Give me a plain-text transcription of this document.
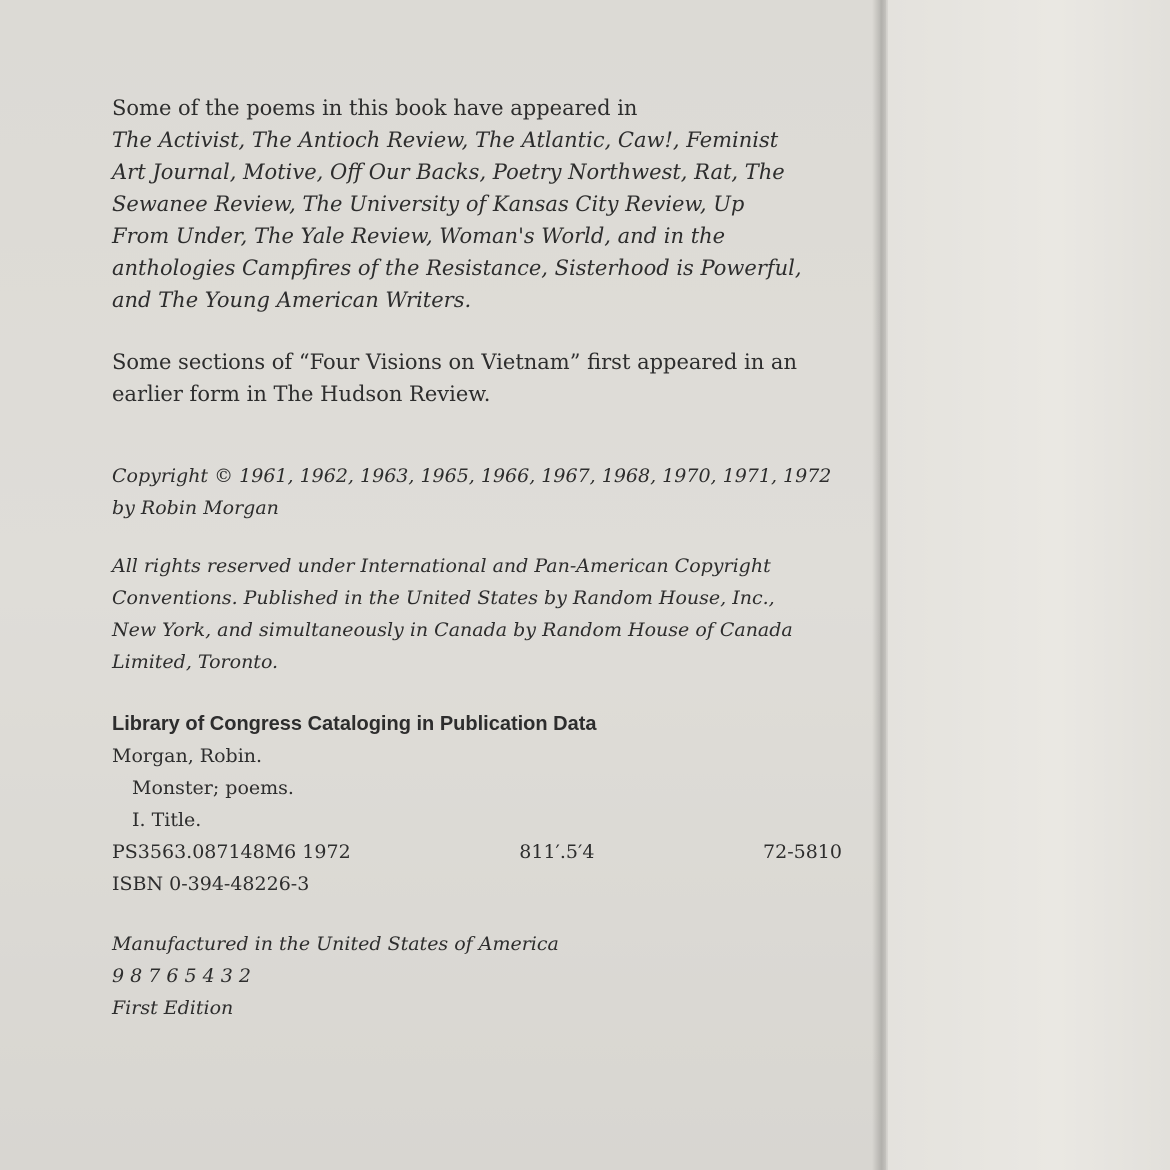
Some of the poems in this book have appeared in

The Activist, The Antioch Review, The Atlantic, Caw!, Feminist

Art Journal, Motive, Off Our Backs, Poetry Northwest, Rat, The

Sewanee Review, The University of Kansas City Review, Up

From Under, The Yale Review, Woman's World, and in the

anthologies Campfires of the Resistance, Sisterhood is Powerful,

and The Young American Writers.

Some sections of “Four Visions on Vietnam” first appeared in an

earlier form in The Hudson Review.

Copyright © 1961, 1962, 1963, 1965, 1966, 1967, 1968, 1970, 1971, 1972

by Robin Morgan

All rights reserved under International and Pan-American Copyright

Conventions. Published in the United States by Random House, Inc.,

New York, and simultaneously in Canada by Random House of Canada

Limited, Toronto.

Library of Congress Cataloging in Publication Data

Morgan, Robin.

Monster; poems.

I. Title.

PS3563.087148M6 1972	811′.5′4	72-5810

ISBN 0-394-48226-3

Manufactured in the United States of America

9 8 7 6 5 4 3 2

First Edition
